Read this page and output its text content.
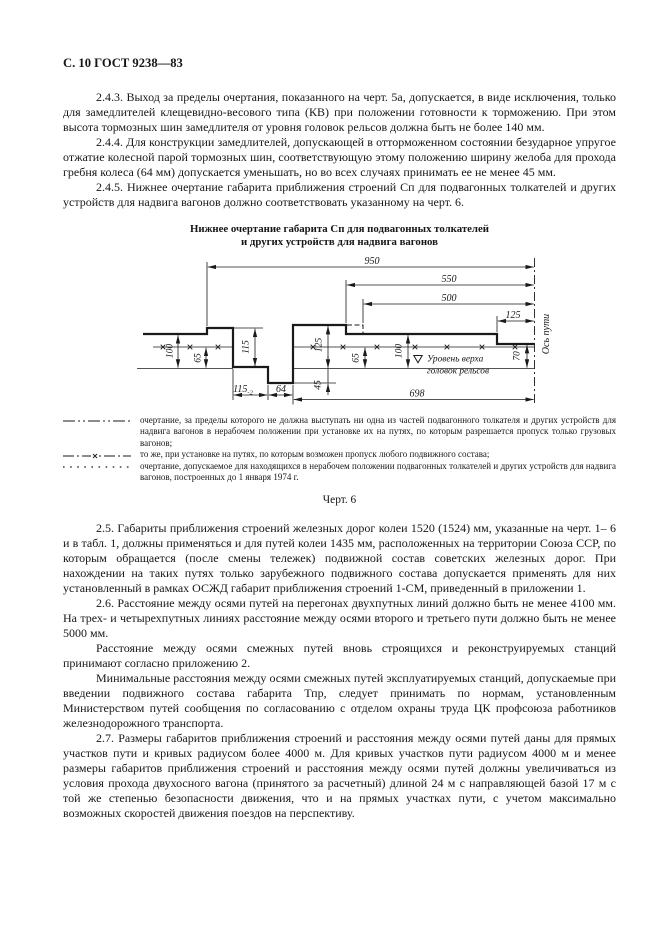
С. 10 ГОСТ 9238—83

2.4.3. Выход за пределы очертания, показанного на черт. 5а, допускается, в виде исключения, только для замедлителей клещевидно-весового типа (КВ) при положении готовности к торможению. При этом высота тормозных шин замедлителя от уровня головок рельсов должна быть не более 140 мм.

2.4.4. Для конструкции замедлителей, допускающей в отторможенном состоянии безударное упругое отжатие колесной парой тормозных шин, соответствующую этому положению ширину желоба для прохода гребня колеса (64 мм) допускается уменьшать, но во всех случаях принимать ее не менее 45 мм.

2.4.5. Нижнее очертание габарита приближения строений Сп для подвагонных толкателей и других устройств для надвига вагонов должно соответствовать указанному на черт. 6.

Нижнее очертание габарита Сп для подвагонных толкателей
и других устройств для надвига вагонов
950
550
500
125
$115_{-2}$ 64	698
100 65
115	125
45
65	100	70
Уровень верха
головок рельсов
Ось пути
очертание, за пределы которого не должна выступать ни одна из частей подвагонного толкателя и других устройств для надвига вагонов в нерабочем положении при установке их на путях, по которым разрешается пропуск только грузовых вагонов;
то же, при установке на путях, по которым возможен пропуск любого подвижного состава;
очертание, допускаемое для находящихся в нерабочем положении подвагонных толкателей и других устройств для надвига вагонов, построенных до 1 января 1974 г.
Черт. 6

2.5. Габариты приближения строений железных дорог колеи 1520 (1524) мм, указанные на черт. 1– 6 и в табл. 1, должны применяться и для путей колеи 1435 мм, расположенных на территории Союза ССР, по которым обращается (после смены тележек) подвижной состав советских железных дорог. При нахождении на таких путях только зарубежного подвижного состава допускается применять для них установленный в рамках ОСЖД габарит приближения строений 1-СМ, приведенный в приложении 1.

2.6. Расстояние между осями путей на перегонах двухпутных линий должно быть не менее 4100 мм. На трех- и четырехпутных линиях расстояние между осями второго и третьего пути должно быть не менее 5000 мм.

Расстояние между осями смежных путей вновь строящихся и реконструируемых станций принимают согласно приложению 2.

Минимальные расстояния между осями смежных путей эксплуатируемых станций, допускаемые при введении подвижного состава габарита Тпр, следует принимать по нормам, установленным Министерством путей сообщения по согласованию с отделом охраны труда ЦК профсоюза работников железнодорожного транспорта.

2.7. Размеры габаритов приближения строений и расстояния между осями путей даны для прямых участков пути и кривых радиусом более 4000 м. Для кривых участков пути радиусом 4000 м и менее размеры габаритов приближения строений и расстояния между осями путей должны увеличиваться из условия прохода двухосного вагона (принятого за расчетный) длиной 24 м с направляющей базой 17 м с той же степенью безопасности движения, что и на прямых участках пути, с учетом максимально возможных скоростей движения поездов на перспективу.
